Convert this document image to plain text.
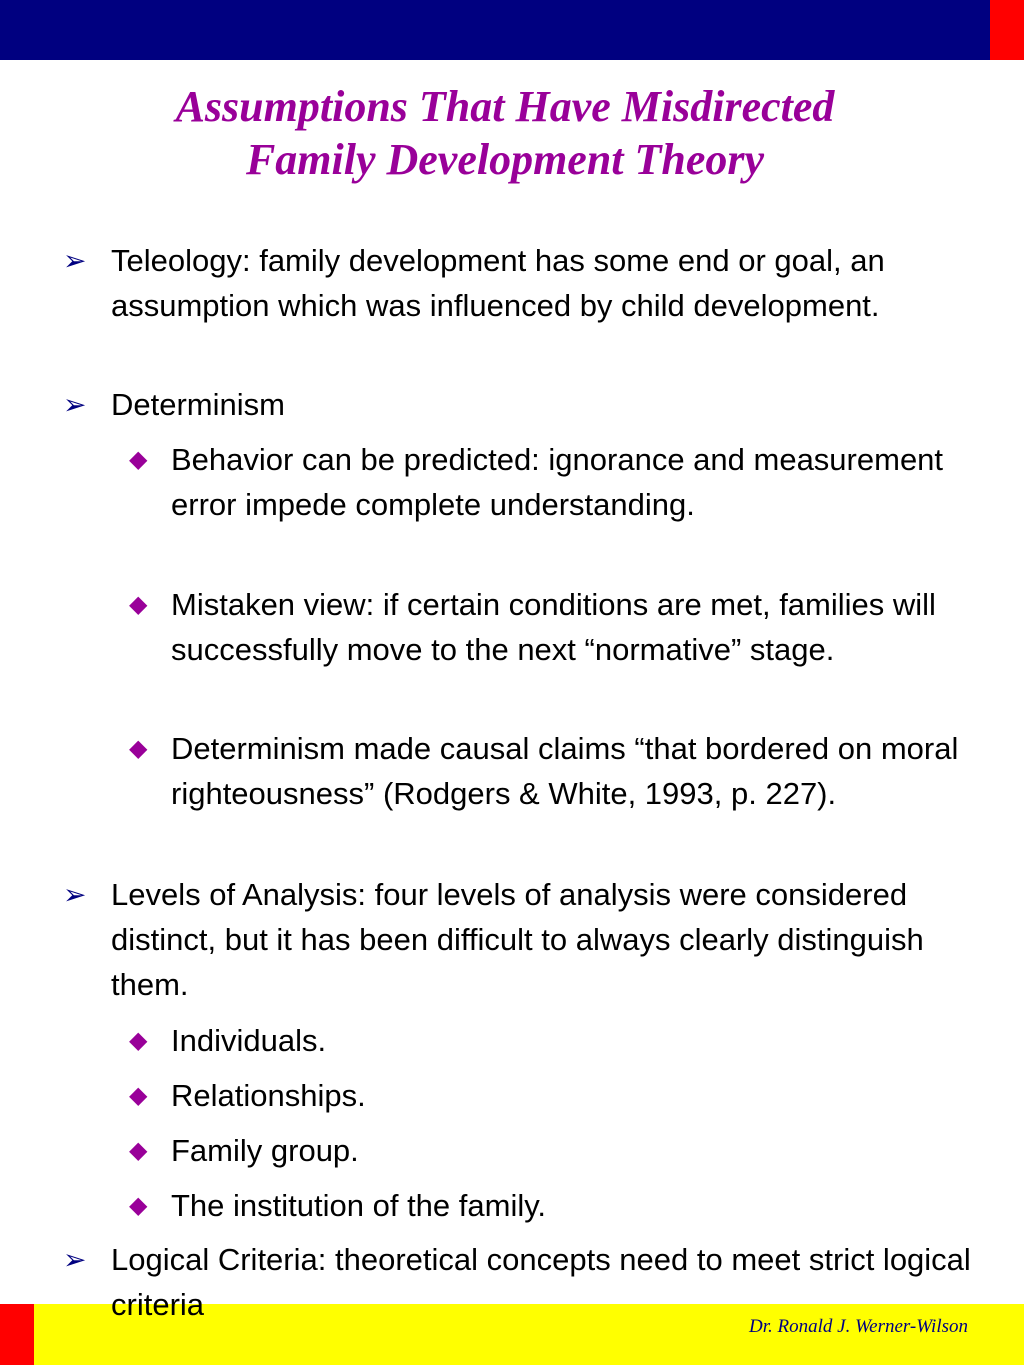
Assumptions That Have Misdirected
Family Development Theory
➢ Teleology: family development has some end or goal, an assumption which was influenced by child development.
➢ Determinism
◆ Behavior can be predicted: ignorance and measurement error impede complete understanding.
◆ Mistaken view: if certain conditions are met, families will successfully move to the next “normative” stage.
◆ Determinism made causal claims “that bordered on moral righteousness” (Rodgers & White, 1993, p. 227).
➢ Levels of Analysis: four levels of analysis were considered distinct, but it has been difficult to always clearly distinguish them.
◆ Individuals.
◆ Relationships.
◆ Family group.
◆ The institution of the family.
➢ Logical Criteria: theoretical concepts need to meet strict logical criteria
Dr. Ronald J. Werner-Wilson
